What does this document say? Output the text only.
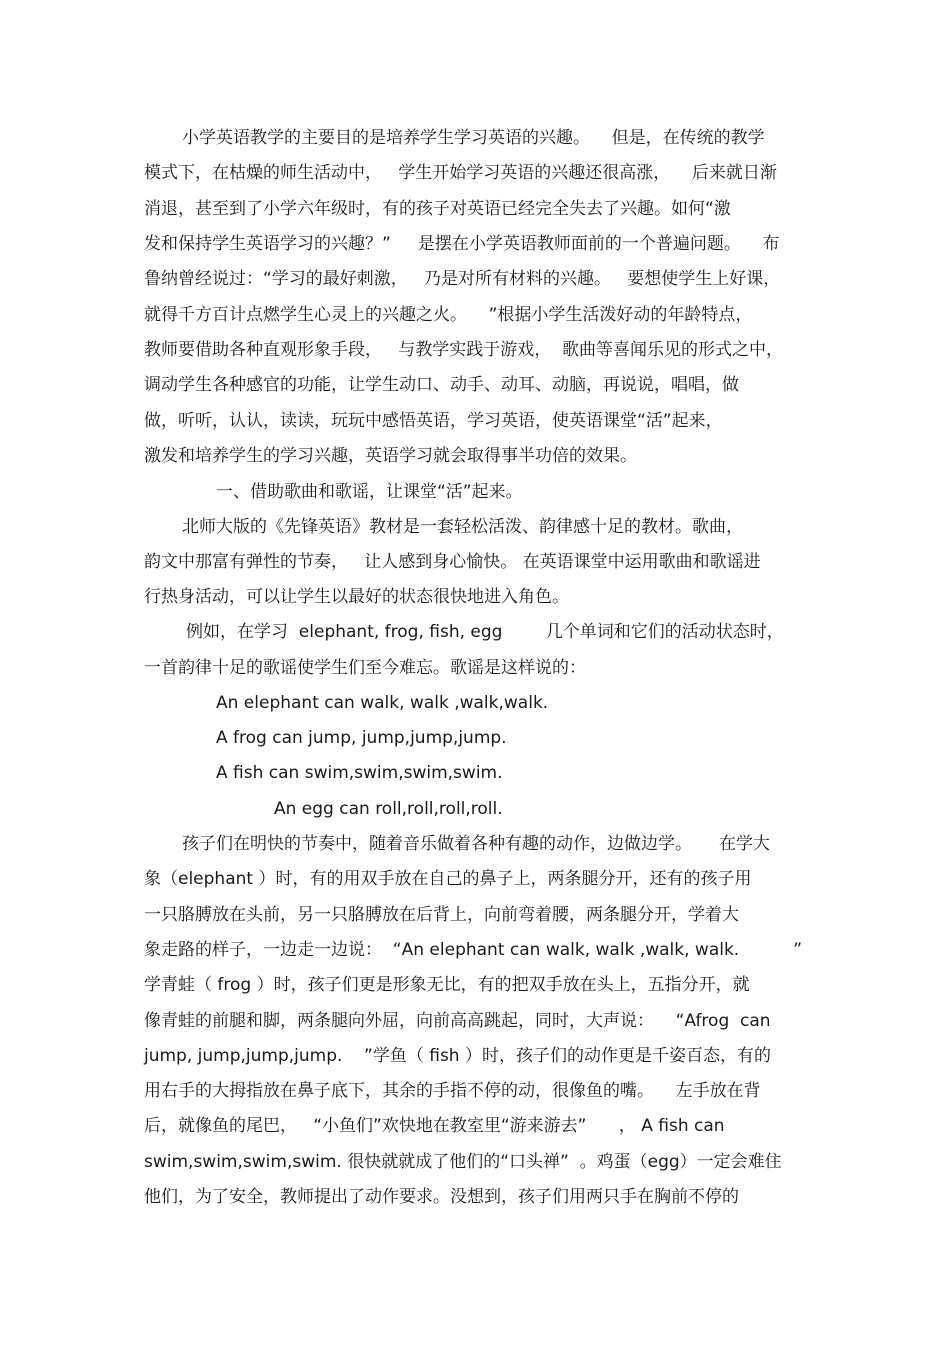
小学英语教学的主要目的是培养学生学习英语的兴趣。    但是，在传统的教学
模式下，在枯燥的师生活动中，   学生开始学习英语的兴趣还很高涨，    后来就日渐
消退，甚至到了小学六年级时，有的孩子对英语已经完全失去了兴趣。如何“激
发和保持学生英语学习的兴趣？”     是摆在小学英语教师面前的一个普遍问题。    布
鲁纳曾经说过：“学习的最好刺激，   乃是对所有材料的兴趣。   要想使学生上好课，
就得千方百计点燃学生心灵上的兴趣之火。    ”根据小学生活泼好动的年龄特点，
教师要借助各种直观形象手段，   与教学实践于游戏，  歌曲等喜闻乐见的形式之中，
调动学生各种感官的功能，让学生动口、动手、动耳、动脑，再说说，唱唱，做
做，听听，认认，读读，玩玩中感悟英语，学习英语，使英语课堂“活”起来，
激发和培养学生的学习兴趣，英语学习就会取得事半功倍的效果。
一、借助歌曲和歌谣，让课堂“活”起来。
北师大版的《先锋英语》教材是一套轻松活泼、韵律感十足的教材。歌曲，
韵文中那富有弹性的节奏，   让人感到身心愉快。 在英语课堂中运用歌曲和歌谣进
行热身活动，可以让学生以最好的状态很快地进入角色。
例如，在学习  elephant, frog, fish, egg        几个单词和它们的活动状态时，
一首韵律十足的歌谣使学生们至今难忘。歌谣是这样说的：
An elephant can walk, walk ,walk,walk.
A frog can jump, jump,jump,jump.
A fish can swim,swim,swim,swim.
An egg can roll,roll,roll,roll.
孩子们在明快的节奏中，随着音乐做着各种有趣的动作，边做边学。     在学大
象（elephant ）时，有的用双手放在自己的鼻子上，两条腿分开，还有的孩子用
一只胳膊放在头前，另一只胳膊放在后背上，向前弯着腰，两条腿分开，学着大
象走路的样子，一边走一边说：  “An elephant can walk, walk ,walk, walk.          ”
学青蛙（ frog ）时，孩子们更是形象无比，有的把双手放在头上，五指分开，就
像青蛙的前腿和脚，两条腿向外屈，向前高高跳起，同时，大声说：    “Afrog  can
jump, jump,jump,jump.    ”学鱼（ fish ）时，孩子们的动作更是千姿百态，有的
用右手的大拇指放在鼻子底下，其余的手指不停的动，很像鱼的嘴。    左手放在背
后，就像鱼的尾巴，   “小鱼们”欢快地在教室里“游来游去”      ， A fish can
swim,swim,swim,swim. 很快就就成了他们的“口头禅”  。鸡蛋（egg）一定会难住
他们，为了安全，教师提出了动作要求。没想到，孩子们用两只手在胸前不停的
